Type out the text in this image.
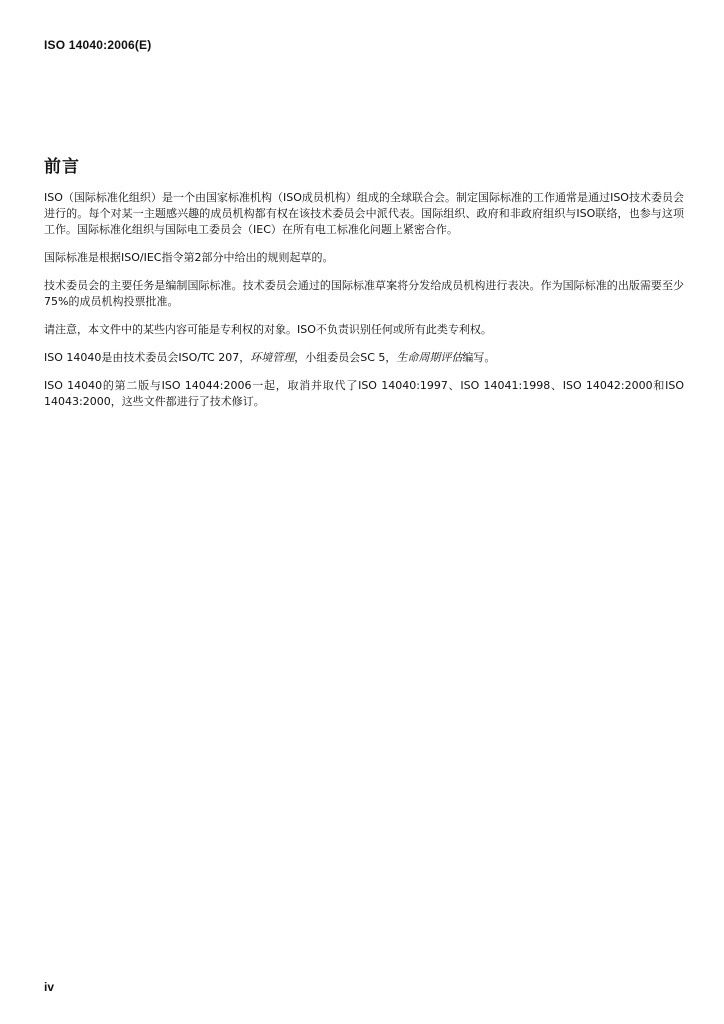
ISO 14040:2006(E)
前言

ISO（国际标准化组织）是一个由国家标准机构（ISO成员机构）组成的全球联合会。制定国际标准的工作通常是通过ISO技术委员会进行的。每个对某一主题感兴趣的成员机构都有权在该技术委员会中派代表。国际组织、政府和非政府组织与ISO联络，也参与这项工作。国际标准化组织与国际电工委员会（IEC）在所有电工标准化问题上紧密合作。

国际标准是根据ISO/IEC指令第2部分中给出的规则起草的。

技术委员会的主要任务是编制国际标准。技术委员会通过的国际标准草案将分发给成员机构进行表决。作为国际标准的出版需要至少75%的成员机构投票批准。

请注意，本文件中的某些内容可能是专利权的对象。ISO不负责识别任何或所有此类专利权。

ISO 14040是由技术委员会ISO/TC 207，环境管理，小组委员会SC 5，生命周期评估编写。

ISO 14040的第二版与ISO 14044:2006一起，取消并取代了ISO 14040:1997、ISO 14041:1998、ISO 14042:2000和ISO 14043:2000，这些文件都进行了技术修订。

iv
